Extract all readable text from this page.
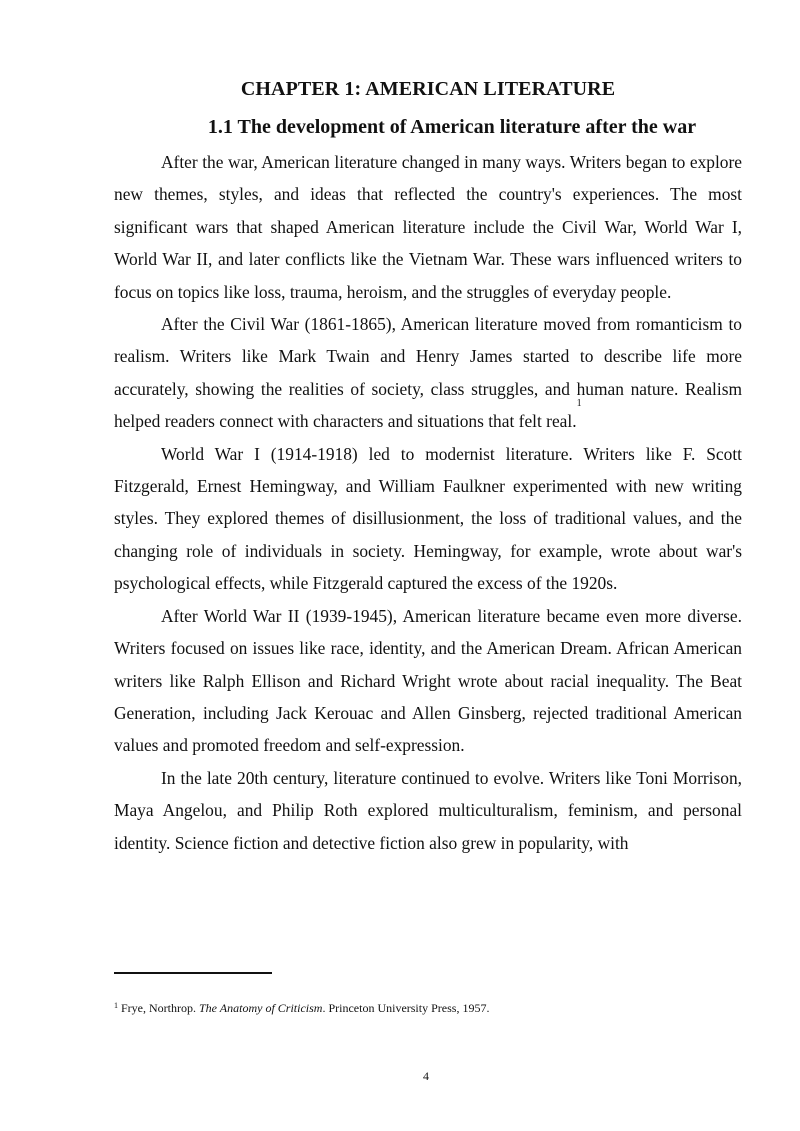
CHAPTER 1: AMERICAN LITERATURE
1.1 The development of American literature after the war

After the war, American literature changed in many ways. Writers began to explore new themes, styles, and ideas that reflected the country's experiences. The most significant wars that shaped American literature include the Civil War, World War I, World War II, and later conflicts like the Vietnam War. These wars influenced writers to focus on topics like loss, trauma, heroism, and the struggles of everyday people.

After the Civil War (1861-1865), American literature moved from romanticism to realism. Writers like Mark Twain and Henry James started to describe life more accurately, showing the realities of society, class struggles, and human nature. Realism helped readers connect with characters and situations that felt real.$^1$

World War I (1914-1918) led to modernist literature. Writers like F. Scott Fitzgerald, Ernest Hemingway, and William Faulkner experimented with new writing styles. They explored themes of disillusionment, the loss of traditional values, and the changing role of individuals in society. Hemingway, for example, wrote about war's psychological effects, while Fitzgerald captured the excess of the 1920s.

After World War II (1939-1945), American literature became even more diverse. Writers focused on issues like race, identity, and the American Dream. African American writers like Ralph Ellison and Richard Wright wrote about racial inequality. The Beat Generation, including Jack Kerouac and Allen Ginsberg, rejected traditional American values and promoted freedom and self-expression.

In the late 20th century, literature continued to evolve. Writers like Toni Morrison, Maya Angelou, and Philip Roth explored multiculturalism, feminism, and personal identity. Science fiction and detective fiction also grew in popularity, with

$^1$ Frye, Northrop. The Anatomy of Criticism. Princeton University Press, 1957.
4
